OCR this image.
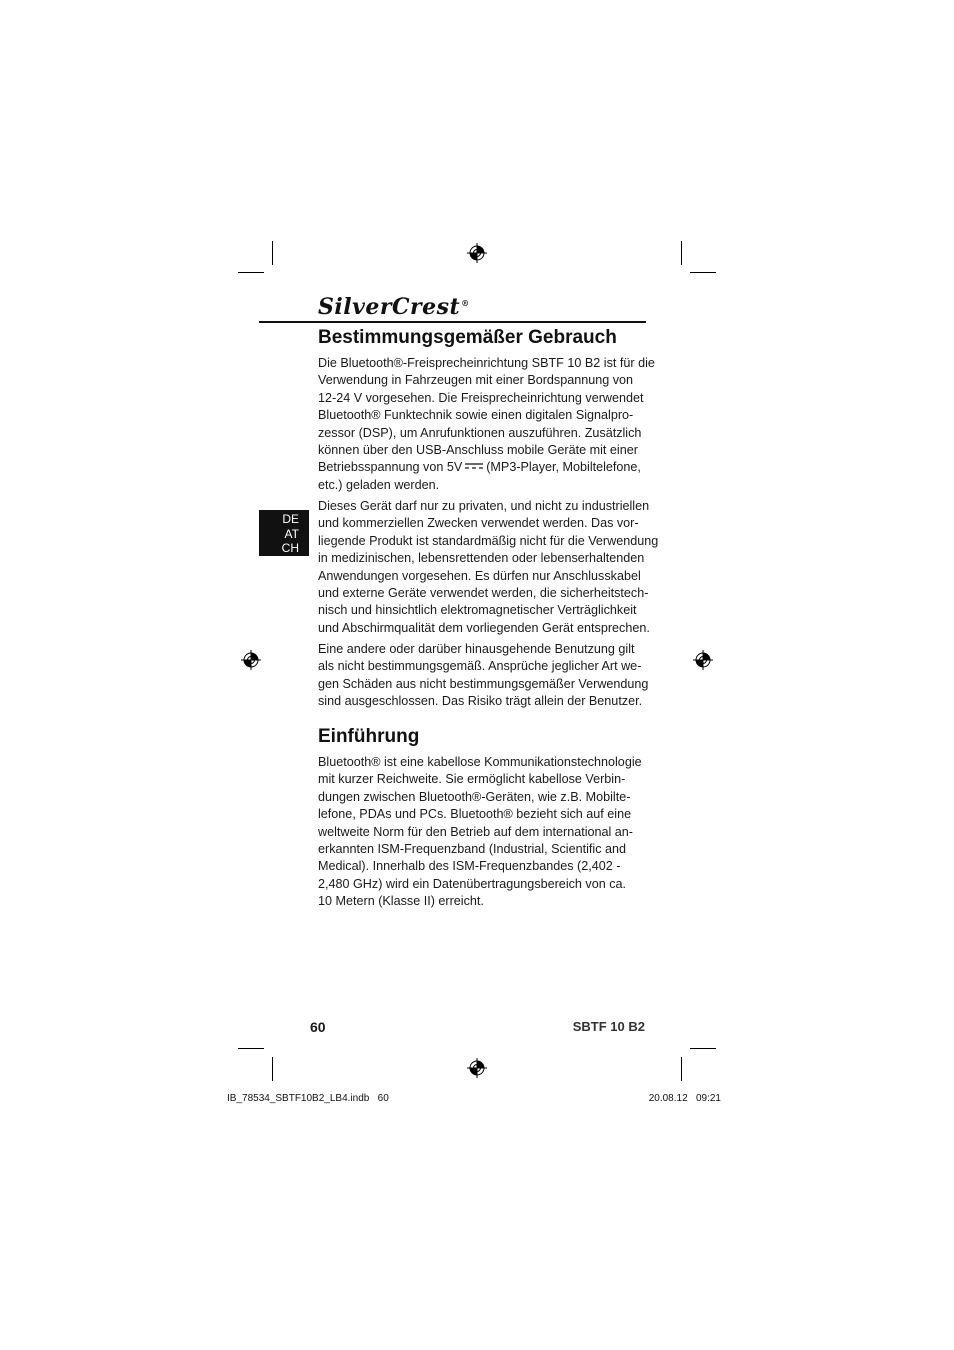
SilverCrest®
DE
AT
CH
Bestimmungsgemäßer Gebrauch
Die Bluetooth®-Freisprecheinrichtung SBTF 10 B2 ist für die
Verwendung in Fahrzeugen mit einer Bordspannung von
12-24 V vorgesehen. Die Freisprecheinrichtung verwendet
Bluetooth® Funktechnik sowie einen digitalen Signalpro-
zessor (DSP), um Anrufunktionen auszuführen. Zusätzlich
können über den USB-Anschluss mobile Geräte mit einer
Betriebsspannung von 5V (MP3-Player, Mobiltelefone,
etc.) geladen werden.
Dieses Gerät darf nur zu privaten, und nicht zu industriellen
und kommerziellen Zwecken verwendet werden. Das vor-
liegende Produkt ist standardmäßig nicht für die Verwendung
in medizinischen, lebensrettenden oder lebenserhaltenden
Anwendungen vorgesehen. Es dürfen nur Anschlusskabel
und externe Geräte verwendet werden, die sicherheitstech-
nisch und hinsichtlich elektromagnetischer Verträglichkeit
und Abschirmqualität dem vorliegenden Gerät entsprechen.
Eine andere oder darüber hinausgehende Benutzung gilt
als nicht bestimmungsgemäß. Ansprüche jeglicher Art we-
gen Schäden aus nicht bestimmungsgemäßer Verwendung
sind ausgeschlossen. Das Risiko trägt allein der Benutzer.
Einführung
Bluetooth® ist eine kabellose Kommunikationstechnologie
mit kurzer Reichweite. Sie ermöglicht kabellose Verbin-
dungen zwischen Bluetooth®-Geräten, wie z.B. Mobilte-
lefone, PDAs und PCs. Bluetooth® bezieht sich auf eine
weltweite Norm für den Betrieb auf dem international an-
erkannten ISM-Frequenzband (Industrial, Scientific and
Medical). Innerhalb des ISM-Frequenzbandes (2,402 -
2,480 GHz) wird ein Datenübertragungsbereich von ca.
10 Metern (Klasse II) erreicht.
60	SBTF 10 B2
IB_78534_SBTF10B2_LB4.indb   60	20.08.12   09:21
